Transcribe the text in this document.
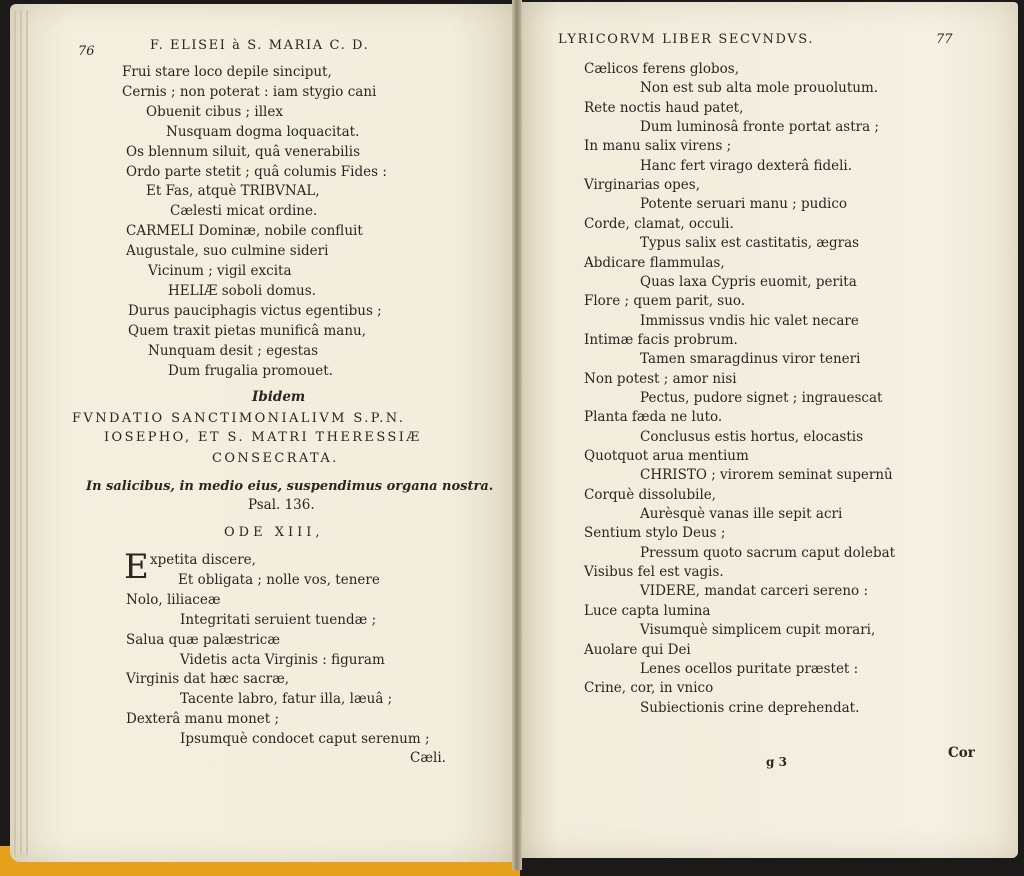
76	F. ELISEI à S. MARIA C. D.
Frui stare loco depile sinciput,
Cernis ; non poterat : iam stygio cani
Obuenit cibus ; illex
Nusquam dogma loquacitat.
Os blennum siluit, quâ venerabilis
Ordo parte stetit ; quâ columis Fides :
Et Fas, atquè TRIBVNAL,
Cælesti micat ordine.
CARMELI Dominæ, nobile confluit
Augustale, suo culmine sideri
Vicinum ; vigil excita
HELIÆ soboli domus.
Durus pauciphagis victus egentibus ;
Quem traxit pietas munificâ manu,
Nunquam desit ; egestas
Dum frugalia promouet.
Ibidem
FVNDATIO SANCTIMONIALIVM S.P.N.
IOSEPHO, ET S. MATRI THERESSIÆ
CONSECRATA.
In salicibus, in medio eius, suspendimus organa nostra.
Psal. 136.
ODE XIII,
E xpetita discere,
Et obligata ; nolle vos, tenere
Nolo, liliaceæ
Integritati seruient tuendæ ;
Salua quæ palæstricæ
Videtis acta Virginis : figuram
Virginis dat hæc sacræ,
Tacente labro, fatur illa, læuâ ;
Dexterâ manu monet ;
Ipsumquè condocet caput serenum ;
Cæli.
LYRICORVM LIBER SECVNDVS.	77
Cælicos ferens globos,
Non est sub alta mole prouolutum.
Rete noctis haud patet,
Dum luminosâ fronte portat astra ;
In manu salix virens ;
Hanc fert virago dexterâ fideli.
Virginarias opes,
Potente seruari manu ; pudico
Corde, clamat, occuli.
Typus salix est castitatis, ægras
Abdicare flammulas,
Quas laxa Cypris euomit, perita
Flore ; quem parit, suo.
Immissus vndis hic valet necare
Intimæ facis probrum.
Tamen smaragdinus viror teneri
Non potest ; amor nisi
Pectus, pudore signet ; ingrauescat
Planta fæda ne luto.
Conclusus estis hortus, elocastis
Quotquot arua mentium
CHRISTO ; virorem seminat supernû
Corquè dissolubile,
Aurèsquè vanas ille sepit acri
Sentium stylo Deus ;
Pressum quoto sacrum caput dolebat
Visibus fel est vagis.
VIDERE, mandat carceri sereno :
Luce capta lumina
Visumquè simplicem cupit morari,
Auolare qui Dei
Lenes ocellos puritate præstet :
Crine, cor, in vnico
Subiectionis crine deprehendat.
g 3
Cor
